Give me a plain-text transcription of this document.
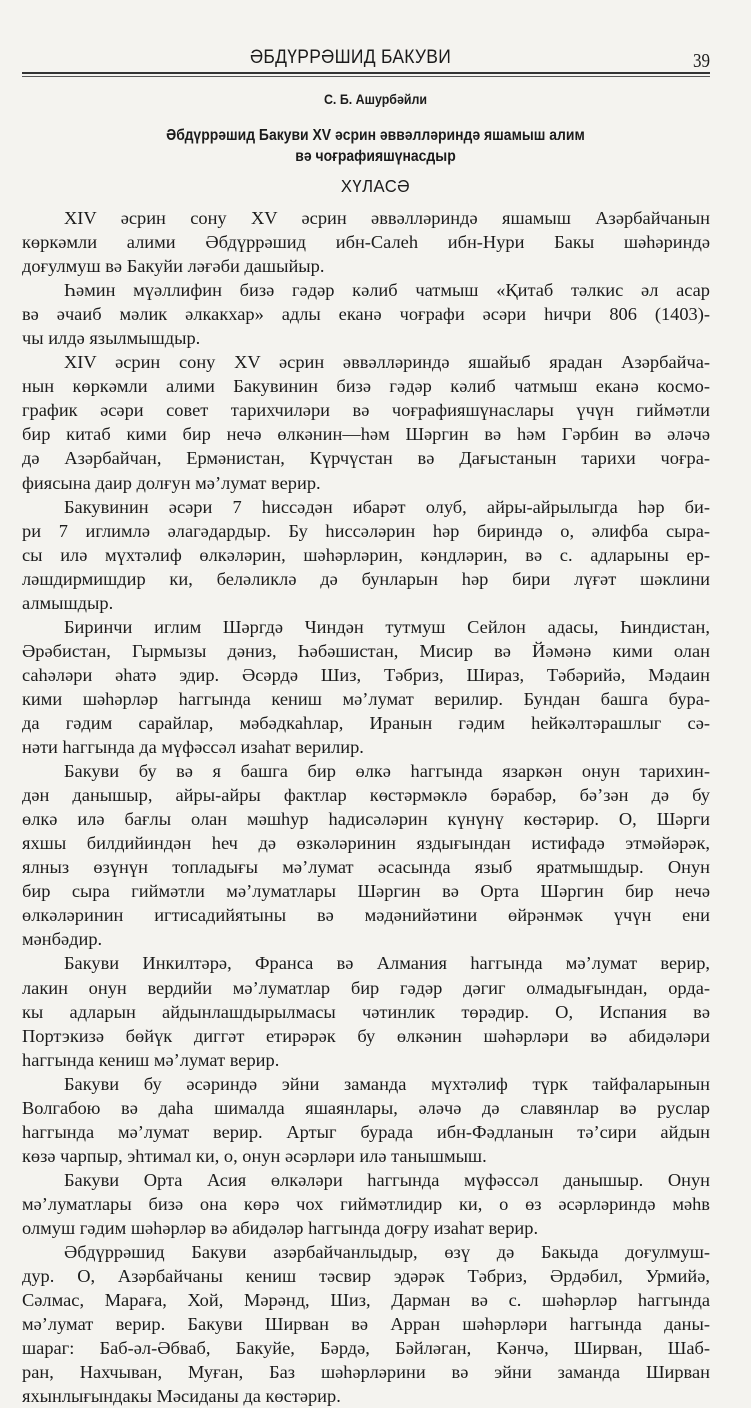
ӘБДҮРРӘШИД БАКУВИ	39
С. Б. Ашурбәйли
Әбдүррәшид Бакуви XV әсрин әввәлләриндә яшамыш алим
вә чоғрафияшүнасдыр
ХҮЛАСӘ
XIV әсрин сону XV әсрин әввәлләриндә яшамыш Азәрбайчанын
көркәмли алими Әбдүррәшид ибн-Салеһ ибн-Нури Бакы шәһәриндә
доғулмуш вә Бакуйи ләғәби дашыйыр.
Һәмин мүәллифин бизә гәдәр кәлиб чатмыш «Қитаб тәлкис әл асар
вә әчаиб мәлик әлкакхар» адлы еканә чоғрафи әсәри һичри 806 (1403)-
чы илдә язылмышдыр.
XIV әсрин сону XV әсрин әввәлләриндә яшайыб ярадан Азәрбайча-
нын көркәмли алими Бакувинин бизә гәдәр кәлиб чатмыш еканә космо-
график әсәри совет тарихчиләри вә чоғрафияшүнаслары үчүн гиймәтли
бир китаб кими бир нечә өлкәнин—һәм Шәргин вә һәм Гәрбин вә әләчә
дә Азәрбайчан, Ермәнистан, Күрчүстан вә Дағыстанын тарихи чоғра-
фиясына даир долғун мә’лумат верир.
Бакувинин әсәри 7 һиссәдән ибарәт олуб, айры-айрылыгда һәр би-
ри 7 иглимлә әлагәдардыр. Бу һиссәләрин һәр бириндә о, әлифба сыра-
сы илә мүхтәлиф өлкәләрин, шәһәрләрин, кәндләрин, вә с. адларыны ер-
ләшдирмишдир ки, беләликлә дә бунларын һәр бири лүғәт шәклини
алмышдыр.
Биринчи иглим Шәргдә Чиндән тутмуш Сейлон адасы, Һиндистан,
Әрәбистан, Гырмызы дәниз, Һәбәшистан, Мисир вә Йәмәнә кими олан
саһәләри әһатә эдир. Әсәрдә Шиз, Тәбриз, Шираз, Тәбәрийә, Мәдаин
кими шәһәрләр һаггында кениш мә’лумат верилир. Бундан башга бура-
да гәдим сарайлар, мәбәдкаһлар, Иранын гәдим һейкәлтәрашлыг сә-
нәти һаггында да мүфәссәл изаһат верилир.
Бакуви бу вә я башга бир өлкә һаггында язаркән онун тарихин-
дән данышыр, айры-айры фактлар көстәрмәклә бәрабәр, бә’зән дә бу
өлкә илә бағлы олан мәшһур һадисәләрин күнүнү көстәрир. О, Шәрги
яхшы билдийиндән һеч дә өзкәләринин яздығындан истифадә этмәйәрәк,
ялныз өзүнүн топладығы мә’лумат әсасында языб яратмышдыр. Онун
бир сыра гиймәтли мә’луматлары Шәргин вә Орта Шәргин бир нечә
өлкәләринин игтисадийятыны вә мәдәнийәтини өйрәнмәк үчүн ени
мәнбәдир.
Бакуви Инкилтәрә, Франса вә Алмания һаггында мә’лумат верир,
лакин онун вердийи мә’луматлар бир гәдәр дәгиг олмадығындан, орда-
кы адларын айдынлашдырылмасы чәтинлик төрәдир. О, Испания вә
Портэкизә бөйүк диггәт етирәрәк бу өлкәнин шәһәрләри вә абидәләри
һаггында кениш мә’лумат верир.
Бакуви бу әсәриндә эйни заманда мүхтәлиф түрк тайфаларынын
Волгабою вә даһа шималда яшаянлары, әләчә дә славянлар вә руслар
һаггында мә’лумат верир. Артыг бурада ибн-Фәдланын тә’сири айдын
көзә чарпыр, эһтимал ки, о, онун әсәрләри илә танышмыш.
Бакуви Орта Асия өлкәләри һаггында мүфәссәл данышыр. Онун
мә’луматлары бизә она көрә чох гиймәтлидир ки, о өз әсәрләриндә мәһв
олмуш гәдим шәһәрләр вә абидәләр һаггында доғру изаһат верир.
Әбдүррәшид Бакуви азәрбайчанлыдыр, өзү дә Бакыда доғулмуш-
дур. О, Азәрбайчаны кениш тәсвир эдәрәк Тәбриз, Әрдәбил, Урмийә,
Сәлмас, Марағa, Хой, Мәрәнд, Шиз, Дарман вә с. шәһәрләр һаггында
мә’лумат верир. Бакуви Ширван вә Арран шәһәрләри һаггында даны-
шараг: Баб-әл-Әбваб, Бакуйе, Бәрдә, Бәйләган, Кәнчә, Ширван, Шаб-
ран, Нахчыван, Муған, Баз шәһәрләрини вә эйни заманда Ширван
яхынлығындакы Мәсиданы да көстәрир.
